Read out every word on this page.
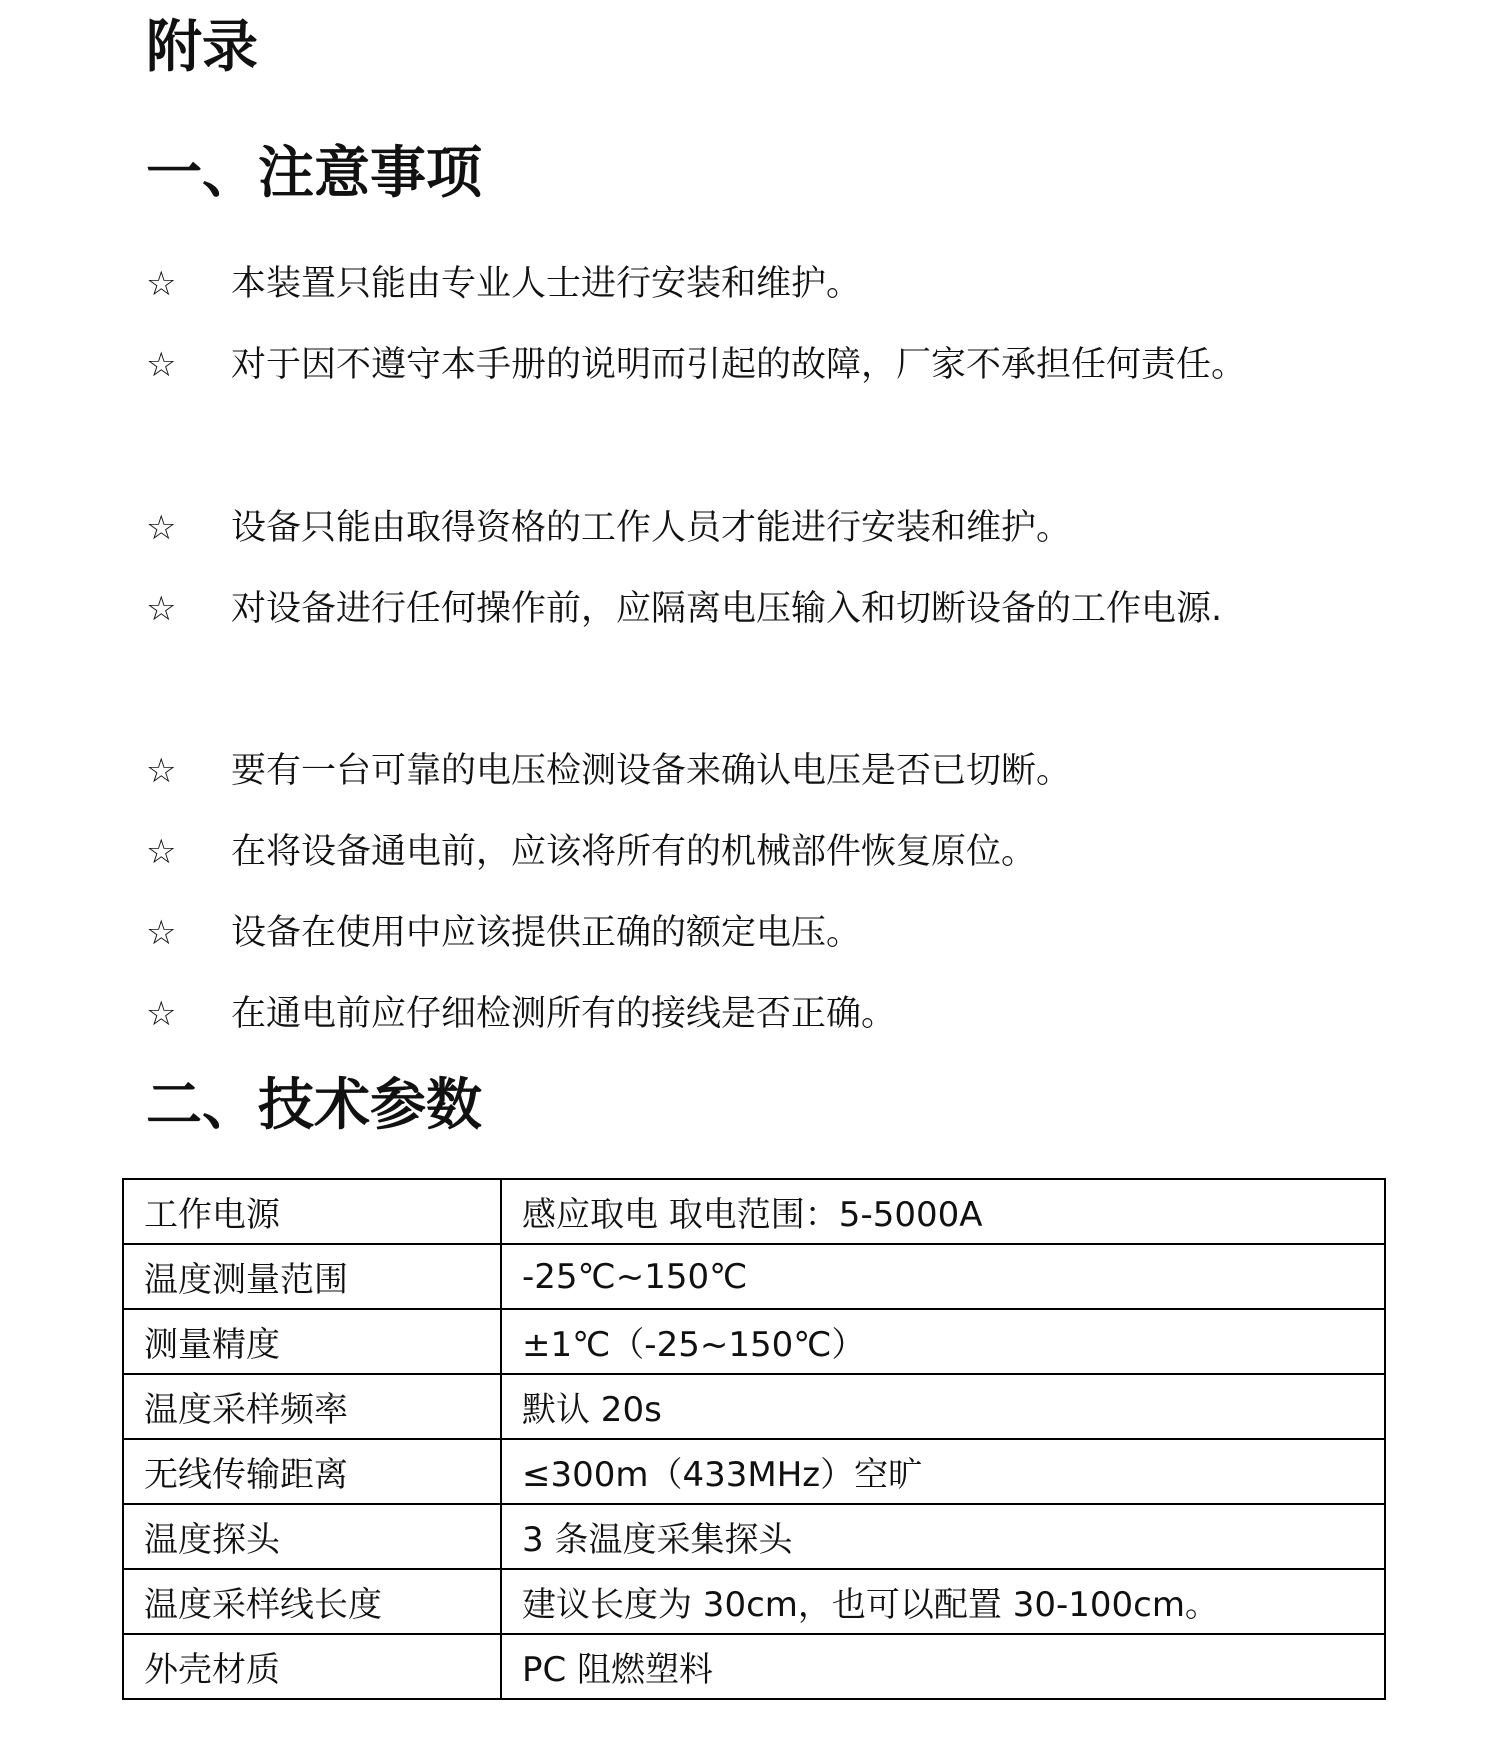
附录
一、注意事项
☆	本装置只能由专业人士进行安装和维护。
☆	对于因不遵守本手册的说明而引起的故障，厂家不承担任何责任。
☆	设备只能由取得资格的工作人员才能进行安装和维护。
☆	对设备进行任何操作前，应隔离电压输入和切断设备的工作电源.
☆	要有一台可靠的电压检测设备来确认电压是否已切断。
☆	在将设备通电前，应该将所有的机械部件恢复原位。
☆	设备在使用中应该提供正确的额定电压。
☆	在通电前应仔细检测所有的接线是否正确。
二、技术参数
工作电源	感应取电 取电范围：5-5000A
温度测量范围	-25℃~150℃
测量精度	±1℃（-25~150℃）
温度采样频率	默认 20s
无线传输距离	≤300m（433MHz）空旷
温度探头	3 条温度采集探头
温度采样线长度	建议长度为 30cm，也可以配置 30-100cm。
外壳材质	PC 阻燃塑料
